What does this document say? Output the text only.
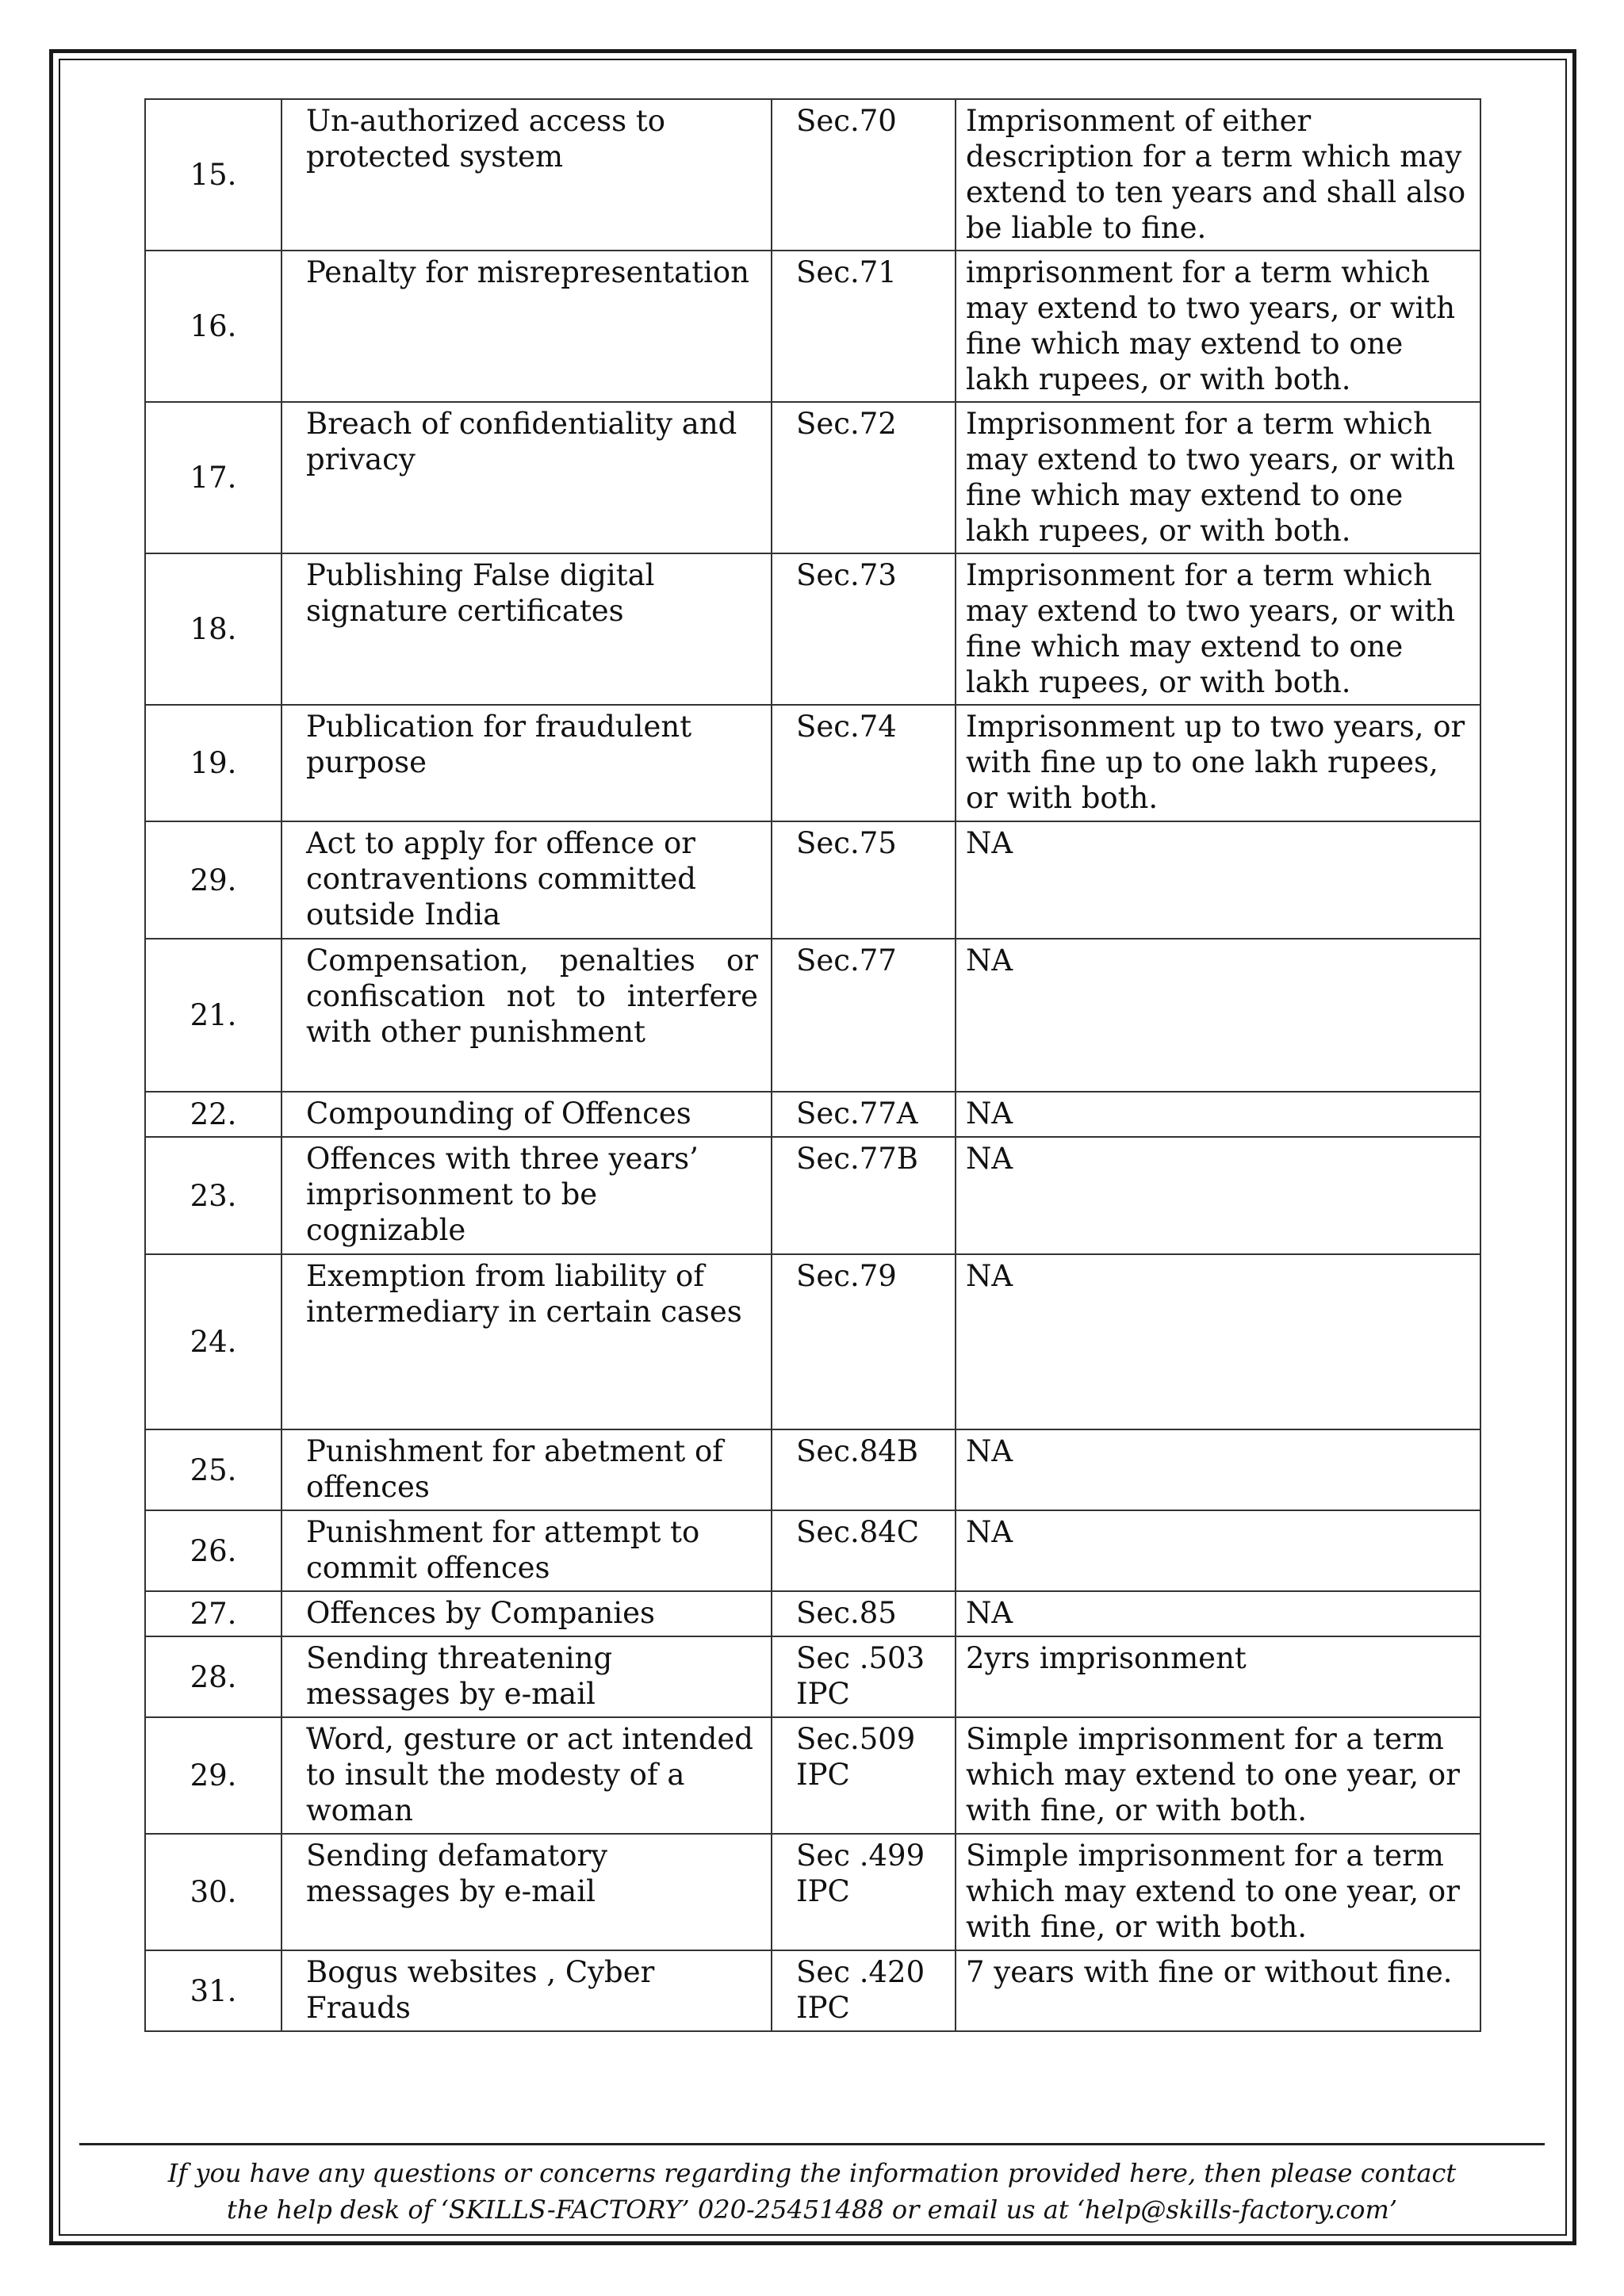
15.	Un-authorized access to protected system	Sec.70	Imprisonment of either description for a term which may extend to ten years and shall also be liable to fine.
16.	Penalty for misrepresentation	Sec.71	imprisonment for a term which may extend to two years, or with fine which may extend to one lakh rupees, or with both.
17.	Breach of confidentiality and privacy	Sec.72	Imprisonment for a term which may extend to two years, or with fine which may extend to one lakh rupees, or with both.
18.	Publishing False digital signature certificates	Sec.73	Imprisonment for a term which may extend to two years, or with fine which may extend to one lakh rupees, or with both.
19.	Publication for fraudulent purpose	Sec.74	Imprisonment up to two years, or with fine up to one lakh rupees, or with both.
29.	Act to apply for offence or contraventions committed outside India	Sec.75	NA
21.	Compensation, penalties or confiscation not to interfere with other punishment	Sec.77	NA
22.	Compounding of Offences	Sec.77A	NA
23.	Offences with three years’ imprisonment to be cognizable	Sec.77B	NA
24.	Exemption from liability of intermediary in certain cases	Sec.79	NA
25.	Punishment for abetment of offences	Sec.84B	NA
26.	Punishment for attempt to commit offences	Sec.84C	NA
27.	Offences by Companies	Sec.85	NA
28.	Sending threatening messages by e-mail	Sec .503 IPC	2yrs imprisonment
29.	Word, gesture or act intended to insult the modesty of a woman	Sec.509 IPC	Simple imprisonment for a term which may extend to one year, or with fine, or with both.
30.	Sending defamatory messages by e-mail	Sec .499 IPC	Simple imprisonment for a term which may extend to one year, or with fine, or with both.
31.	Bogus websites , Cyber Frauds	Sec .420 IPC	7 years with fine or without fine.
If you have any questions or concerns regarding the information provided here, then please contact
the help desk of ‘SKILLS-FACTORY’ 020-25451488 or email us at ‘help@skills-factory.com’
